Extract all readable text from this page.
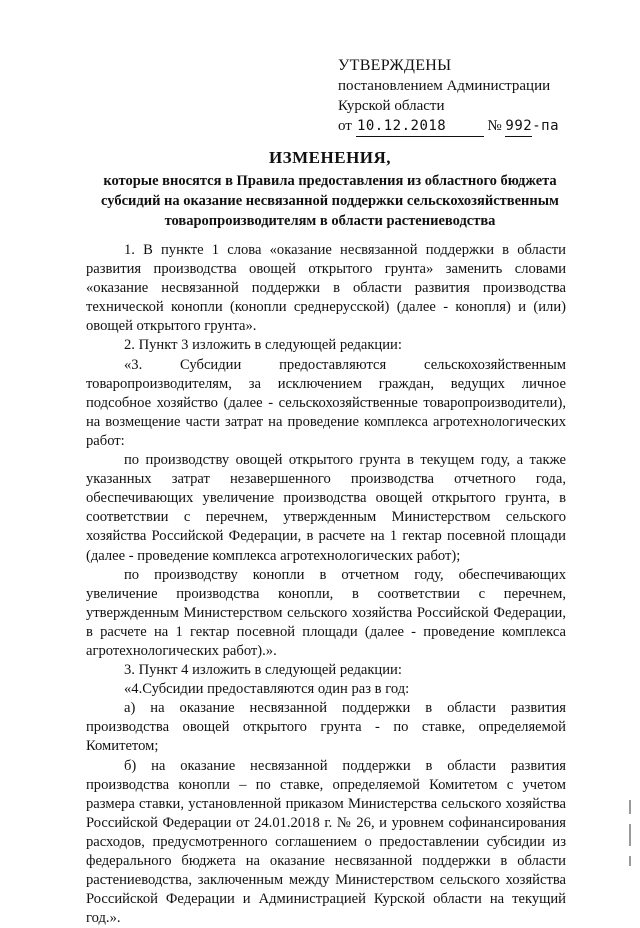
УТВЕРЖДЕНЫ
постановлением Администрации
Курской области
от 10.12.2018	№ 992-па
ИЗМЕНЕНИЯ,
которые вносятся в Правила предоставления из областного бюджета
субсидий на оказание несвязанной поддержки сельскохозяйственным
товаропроизводителям в области растениеводства

1. В пункте 1 слова «оказание несвязанной поддержки в области развития производства овощей открытого грунта» заменить словами «оказание несвязанной поддержки в области развития производства технической конопли (конопли среднерусской) (далее - конопля) и (или) овощей открытого грунта».

2. Пункт 3 изложить в следующей редакции:

«3. Субсидии предоставляются сельскохозяйственным товаропроизводителям, за исключением граждан, ведущих личное подсобное хозяйство (далее - сельскохозяйственные товаропроизводители), на возмещение части затрат на проведение комплекса агротехнологических работ:

по производству овощей открытого грунта в текущем году, а также указанных затрат незавершенного производства отчетного года, обеспечивающих увеличение производства овощей открытого грунта, в соответствии с перечнем, утвержденным Министерством сельского хозяйства Российской Федерации, в расчете на 1 гектар посевной площади (далее - проведение комплекса агротехнологических работ);

по производству конопли в отчетном году, обеспечивающих увеличение производства конопли, в соответствии с перечнем, утвержденным Министерством сельского хозяйства Российской Федерации, в расчете на 1 гектар посевной площади (далее - проведение комплекса агротехнологических работ).».

3. Пункт 4 изложить в следующей редакции:

«4.Субсидии предоставляются один раз в год:

а) на оказание несвязанной поддержки в области развития производства овощей открытого грунта - по ставке, определяемой Комитетом;

б) на оказание несвязанной поддержки в области развития производства конопли – по ставке, определяемой Комитетом с учетом размера ставки, установленной приказом Министерства сельского хозяйства Российской Федерации от 24.01.2018 г. № 26, и уровнем софинансирования расходов, предусмотренного соглашением о предоставлении субсидии из федерального бюджета на оказание несвязанной поддержки в области растениеводства, заключенным между Министерством сельского хозяйства Российской Федерации и Администрацией Курской области на текущий год.».
